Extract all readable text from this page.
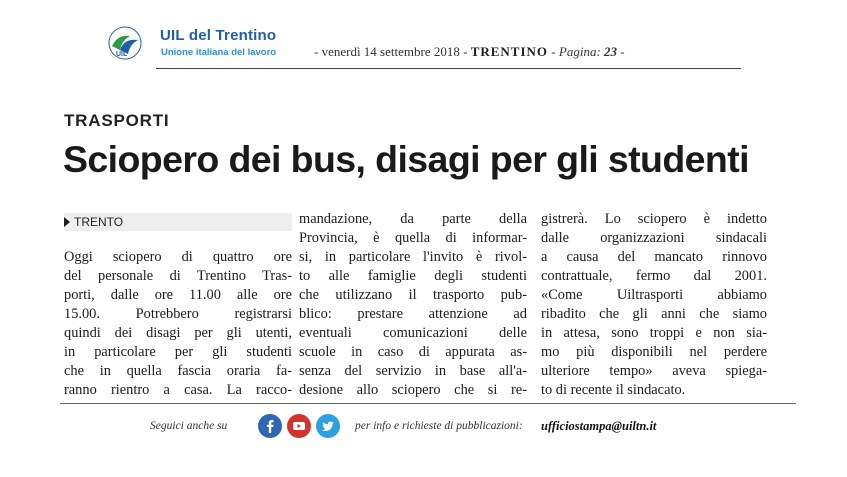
UIL
UIL del Trentino
Unione italiana del lavoro	- venerdì 14 settembre 2018 - TRENTINO - Pagina: 23 -
TRASPORTI
Sciopero dei bus, disagi per gli studenti
TRENTO
Oggi sciopero di quattro ore
del personale di Trentino Tras-
porti, dalle ore 11.00 alle ore
15.00. Potrebbero registrarsi
quindi dei disagi per gli utenti,
in particolare per gli studenti
che in quella fascia oraria fa-
ranno rientro a casa. La racco-
mandazione, da parte della
Provincia, è quella di informar-
si, in particolare l'invito è rivol-
to alle famiglie degli studenti
che utilizzano il trasporto pub-
blico: prestare attenzione ad
eventuali comunicazioni delle
scuole in caso di appurata as-
senza del servizio in base all'a-
desione allo sciopero che si re-
gistrerà. Lo sciopero è indetto
dalle organizzazioni sindacali
a causa del mancato rinnovo
contrattuale, fermo dal 2001.
«Come Uiltrasporti abbiamo
ribadito che gli anni che siamo
in attesa, sono troppi e non sia-
mo più disponibili nel perdere
ulteriore tempo» aveva spiega-
to di recente il sindacato.
Seguici anche su	per info e richieste di pubblicazioni: ufficiostampa@uiltn.it
